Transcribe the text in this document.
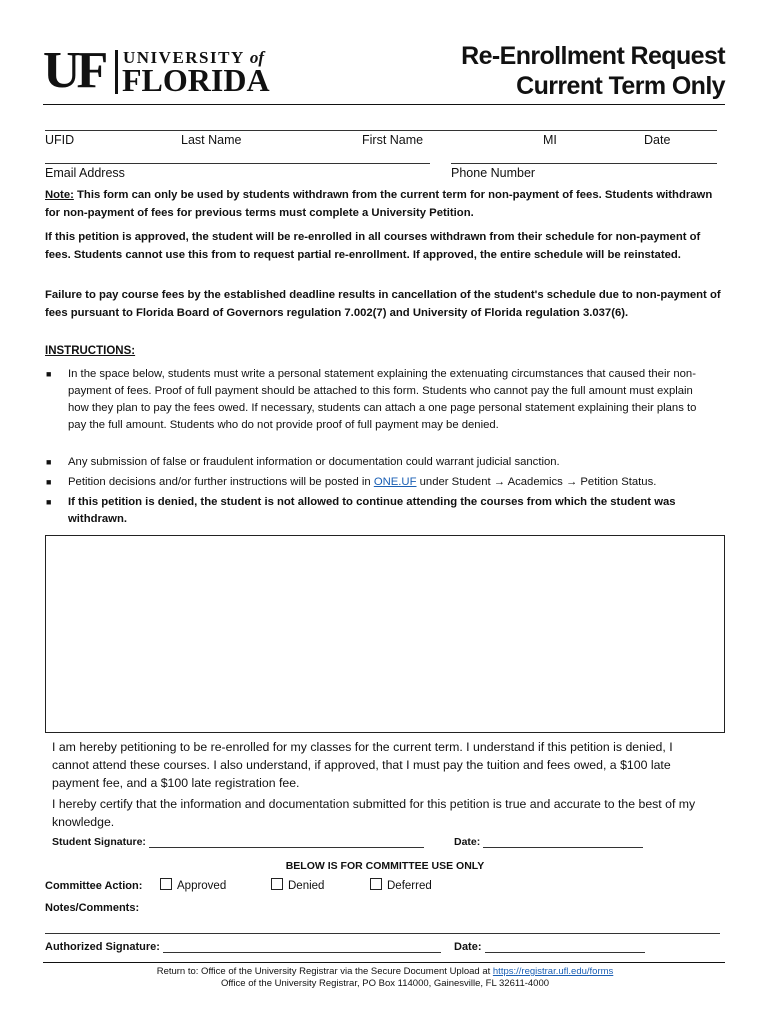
UF UNIVERSITY of
FLORIDA
Re-Enrollment Request
Current Term Only
UFID	Last Name	First Name	MI	Date
Email Address	Phone Number
Note: This form can only be used by students withdrawn from the current term for non-payment of fees. Students withdrawn for non-payment of fees for previous terms must complete a University Petition.
If this petition is approved, the student will be re-enrolled in all courses withdrawn from their schedule for non-payment of fees. Students cannot use this from to request partial re-enrollment. If approved, the entire schedule will be reinstated.
Failure to pay course fees by the established deadline results in cancellation of the student's schedule due to non-payment of fees pursuant to Florida Board of Governors regulation 7.002(7) and University of Florida regulation 3.037(6).
INSTRUCTIONS:
■ In the space below, students must write a personal statement explaining the extenuating circumstances that caused their non-payment of fees. Proof of full payment should be attached to this form. Students who cannot pay the full amount must explain how they plan to pay the fees owed. If necessary, students can attach a one page personal statement explaining their plans to pay the full amount. Students who do not provide proof of full payment may be denied.
■ Any submission of false or fraudulent information or documentation could warrant judicial sanction.
■ Petition decisions and/or further instructions will be posted in ONE.UF under Student → Academics → Petition Status.
■ If this petition is denied, the student is not allowed to continue attending the courses from which the student was withdrawn.
I am hereby petitioning to be re-enrolled for my classes for the current term. I understand if this petition is denied, I cannot attend these courses. I also understand, if approved, that I must pay the tuition and fees owed, a $100 late payment fee, and a $100 late registration fee.
I hereby certify that the information and documentation submitted for this petition is true and accurate to the best of my knowledge.
Student Signature:	Date:
BELOW IS FOR COMMITTEE USE ONLY
Committee Action:	Approved	Denied	Deferred
Notes/Comments:
Authorized Signature:	Date:
Return to: Office of the University Registrar via the Secure Document Upload at https://registrar.ufl.edu/forms
Office of the University Registrar, PO Box 114000, Gainesville, FL 32611-4000
